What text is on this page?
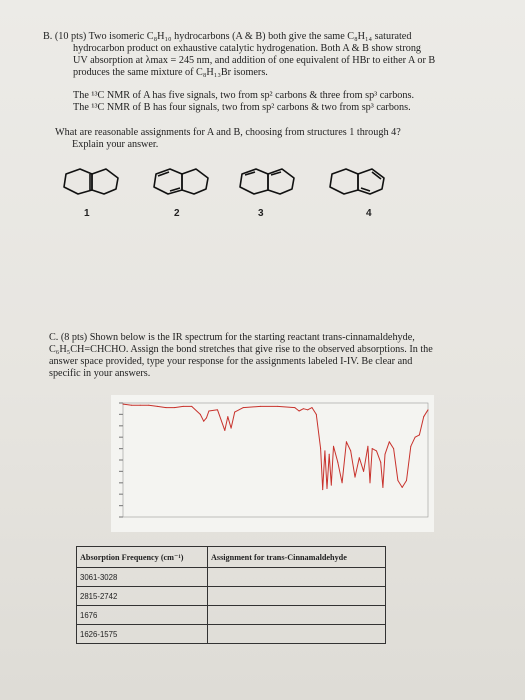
B. (10 pts) Two isomeric C₈H₁₀ hydrocarbons (A & B) both give the same C₈H₁₄ saturated
hydrocarbon product on exhaustive catalytic hydrogenation. Both A & B show strong
UV absorption at λmax = 245 nm, and addition of one equivalent of HBr to either A or B
produces the same mixture of C₈H₁₃Br isomers.
The ¹³C NMR of A has five signals, two from sp² carbons & three from sp³ carbons.
The ¹³C NMR of B has four signals, two from sp² carbons & two from sp³ carbons.
What are reasonable assignments for A and B, choosing from structures 1 through 4?
Explain your answer.
1	2	3	4
C. (8 pts) Shown below is the IR spectrum for the starting reactant trans-cinnamaldehyde,
C₆H₅CH=CHCHO. Assign the bond stretches that give rise to the observed absorptions. In the
answer space provided, type your response for the assignments labeled I-IV. Be clear and
specific in your answers.
Absorption Frequency (cm⁻¹)	Assignment for trans-Cinnamaldehyde
3061-3028	
2815-2742	
1676	
1626-1575	
